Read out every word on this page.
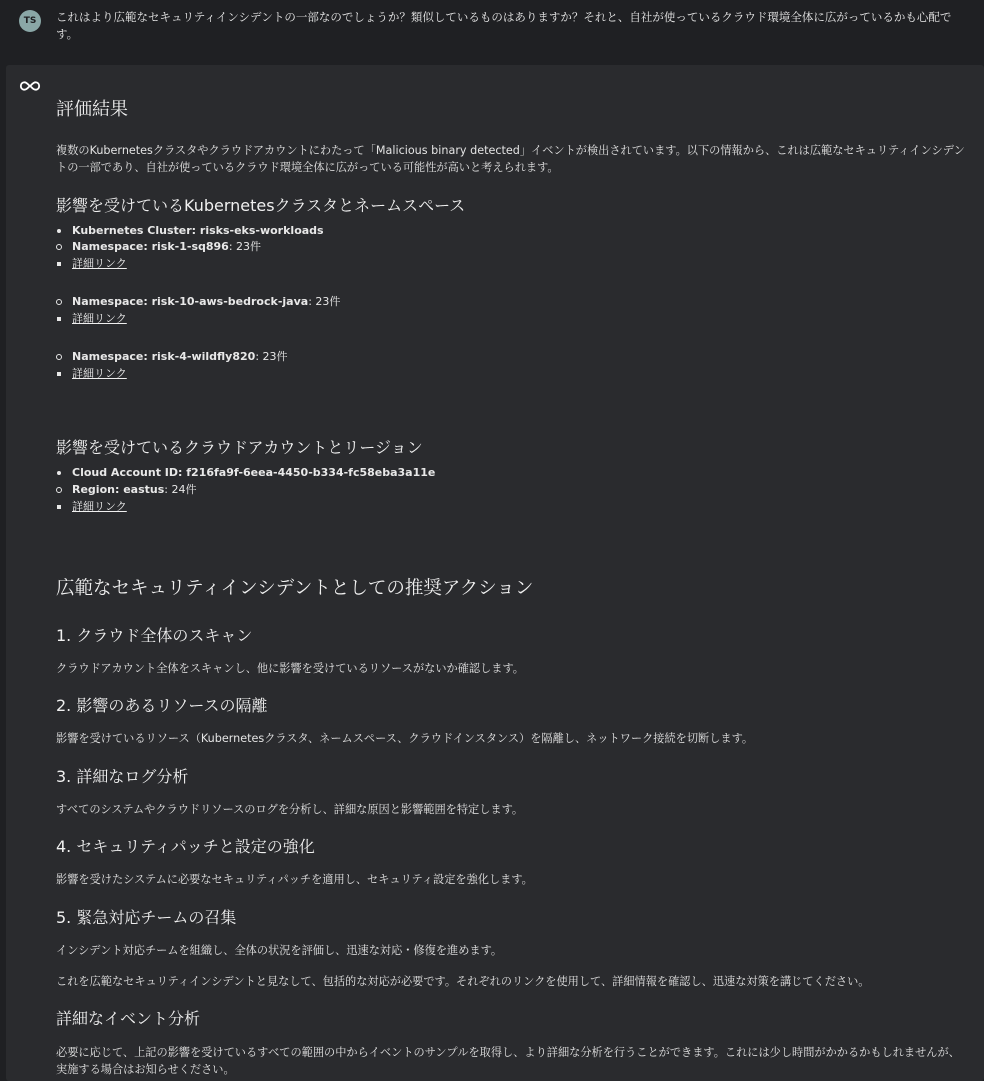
TS	これはより広範なセキュリティインシデントの一部なのでしょうか？類似しているものはありますか？それと、自社が使っているクラウド環境全体に広がっているかも心配です。
評価結果

複数のKubernetesクラスタやクラウドアカウントにわたって「Malicious binary detected」イベントが検出されています。以下の情報から、これは広範なセキュリティインシデントの一部であり、自社が使っているクラウド環境全体に広がっている可能性が高いと考えられます。

影響を受けているKubernetesクラスタとネームスペース
Kubernetes Cluster: risks-eks-workloads
Namespace: risk-1-sq896: 23件
詳細リンク
Namespace: risk-10-aws-bedrock-java: 23件
詳細リンク
Namespace: risk-4-wildfly820: 23件
詳細リンク
影響を受けているクラウドアカウントとリージョン
Cloud Account ID: f216fa9f-6eea-4450-b334-fc58eba3a11e
Region: eastus: 24件
詳細リンク
広範なセキュリティインシデントとしての推奨アクション
1. クラウド全体のスキャン

クラウドアカウント全体をスキャンし、他に影響を受けているリソースがないか確認します。

2. 影響のあるリソースの隔離

影響を受けているリソース（Kubernetesクラスタ、ネームスペース、クラウドインスタンス）を隔離し、ネットワーク接続を切断します。

3. 詳細なログ分析

すべてのシステムやクラウドリソースのログを分析し、詳細な原因と影響範囲を特定します。

4. セキュリティパッチと設定の強化

影響を受けたシステムに必要なセキュリティパッチを適用し、セキュリティ設定を強化します。

5. 緊急対応チームの召集

インシデント対応チームを組織し、全体の状況を評価し、迅速な対応・修復を進めます。

これを広範なセキュリティインシデントと見なして、包括的な対応が必要です。それぞれのリンクを使用して、詳細情報を確認し、迅速な対策を講じてください。

詳細なイベント分析

必要に応じて、上記の影響を受けているすべての範囲の中からイベントのサンプルを取得し、より詳細な分析を行うことができます。これには少し時間がかかるかもしれませんが、実施する場合はお知らせください。
